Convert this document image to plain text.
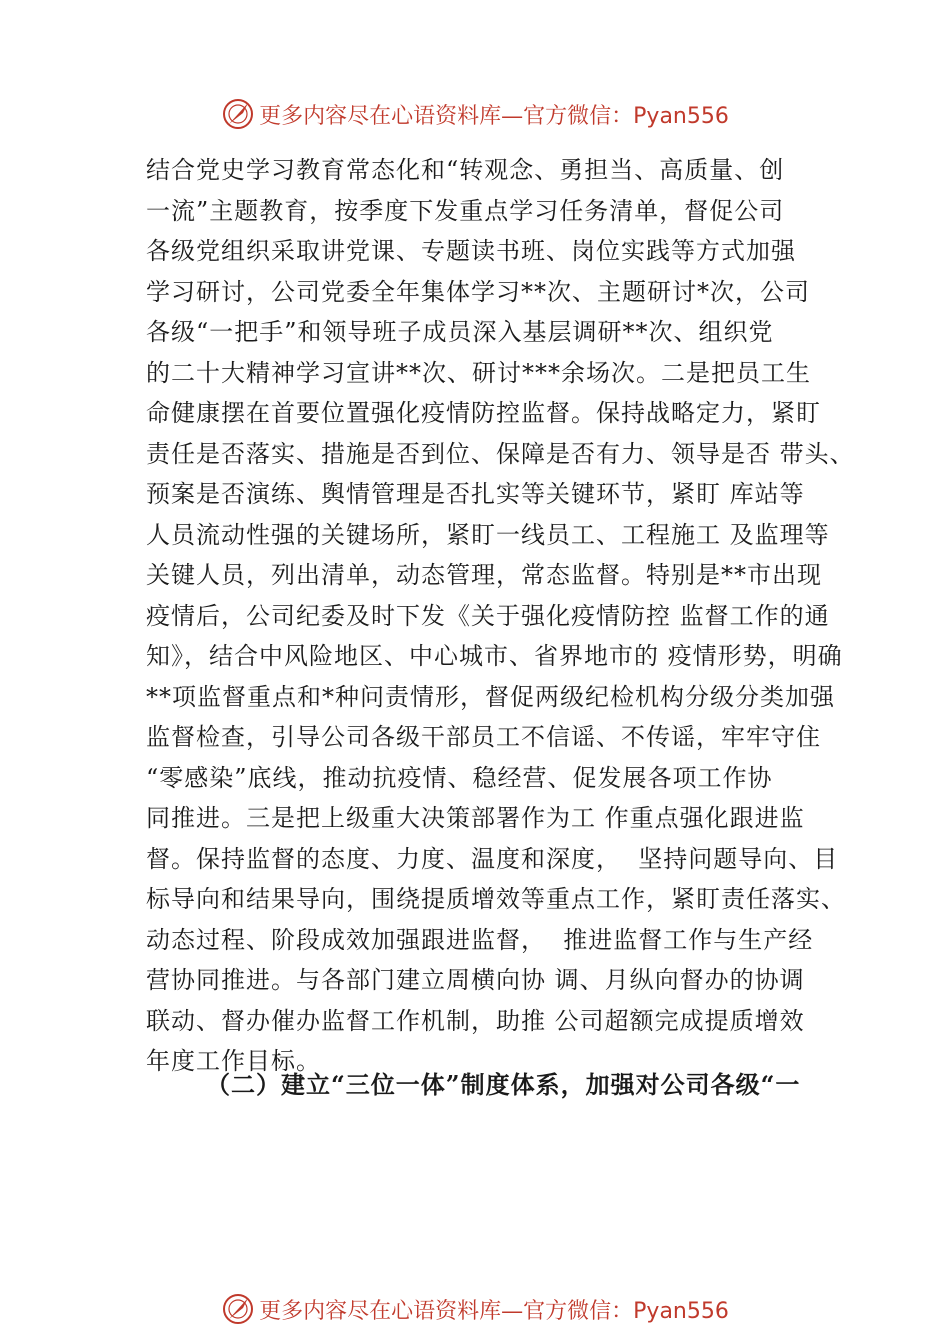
更多内容尽在心语资料库—官方微信：Pyan556
结合党史学习教育常态化和“转观念、勇担当、高质量、创
一流”主题教育，按季度下发重点学习任务清单，督促公司
各级党组织采取讲党课、专题读书班、岗位实践等方式加强
学习研讨，公司党委全年集体学习**次、主题研讨*次，公司
各级“一把手”和领导班子成员深入基层调研**次、组织党
的二十大精神学习宣讲**次、研讨***余场次。二是把员工生
命健康摆在首要位置强化疫情防控监督。保持战略定力，紧盯
责任是否落实、措施是否到位、保障是否有力、领导是否 带头、
预案是否演练、舆情管理是否扎实等关键环节，紧盯 库站等
人员流动性强的关键场所，紧盯一线员工、工程施工 及监理等
关键人员，列出清单，动态管理，常态监督。特别是**市出现
疫情后，公司纪委及时下发《关于强化疫情防控 监督工作的通
知》，结合中风险地区、中心城市、省界地市的 疫情形势，明确
**项监督重点和*种问责情形，督促两级纪检机构分级分类加强
监督检查，引导公司各级干部员工不信谣、不传谣，牢牢守住
“零感染”底线，推动抗疫情、稳经营、促发展各项工作协
同推进。三是把上级重大决策部署作为工 作重点强化跟进监
督。保持监督的态度、力度、温度和深度，  坚持问题导向、目
标导向和结果导向，围绕提质增效等重点工作，紧盯责任落实、
动态过程、阶段成效加强跟进监督，  推进监督工作与生产经
营协同推进。与各部门建立周横向协 调、月纵向督办的协调
联动、督办催办监督工作机制，助推 公司超额完成提质增效
年度工作目标。
（二）建立“三位一体”制度体系，加强对公司各级“一
更多内容尽在心语资料库—官方微信：Pyan556
